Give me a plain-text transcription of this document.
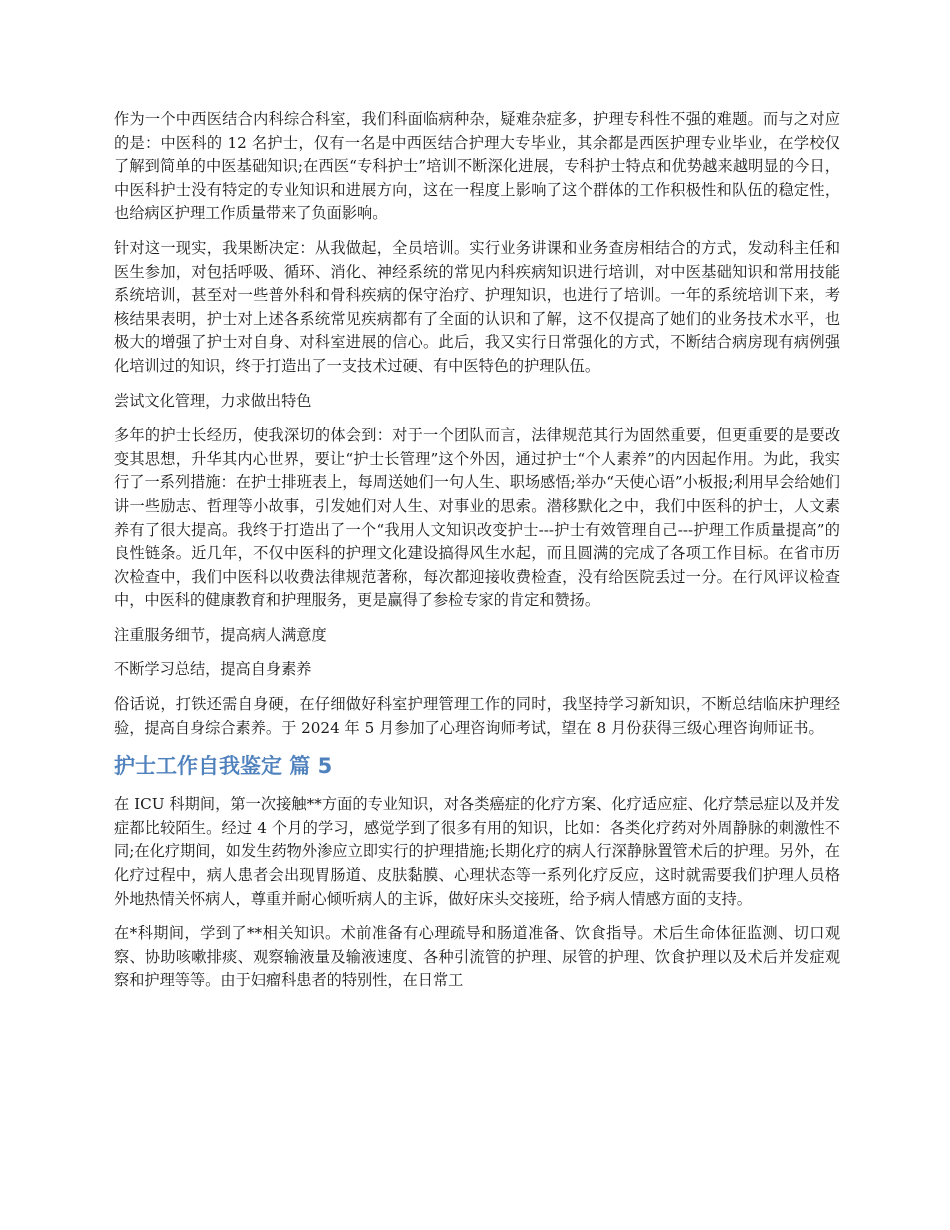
作为一个中西医结合内科综合科室，我们科面临病种杂，疑难杂症多，护理专科性不强的难题。而与之对应的是：中医科的 12 名护士，仅有一名是中西医结合护理大专毕业，其余都是西医护理专业毕业，在学校仅了解到简单的中医基础知识;在西医“专科护士”培训不断深化进展，专科护士特点和优势越来越明显的今日，中医科护士没有特定的专业知识和进展方向，这在一程度上影响了这个群体的工作积极性和队伍的稳定性，也给病区护理工作质量带来了负面影响。

针对这一现实，我果断决定：从我做起，全员培训。实行业务讲课和业务查房相结合的方式，发动科主任和医生参加，对包括呼吸、循环、消化、神经系统的常见内科疾病知识进行培训，对中医基础知识和常用技能系统培训，甚至对一些普外科和骨科疾病的保守治疗、护理知识，也进行了培训。一年的系统培训下来，考核结果表明，护士对上述各系统常见疾病都有了全面的认识和了解，这不仅提高了她们的业务技术水平，也极大的增强了护士对自身、对科室进展的信心。此后，我又实行日常强化的方式，不断结合病房现有病例强化培训过的知识，终于打造出了一支技术过硬、有中医特色的护理队伍。

尝试文化管理，力求做出特色

多年的护士长经历，使我深切的体会到：对于一个团队而言，法律规范其行为固然重要，但更重要的是要改变其思想，升华其内心世界，要让“护士长管理”这个外因，通过护士“个人素养”的内因起作用。为此，我实行了一系列措施：在护士排班表上，每周送她们一句人生、职场感悟;举办“天使心语”小板报;利用早会给她们讲一些励志、哲理等小故事，引发她们对人生、对事业的思索。潜移默化之中，我们中医科的护士，人文素养有了很大提高。我终于打造出了一个“我用人文知识改变护士---护士有效管理自己---护理工作质量提高”的良性链条。近几年，不仅中医科的护理文化建设搞得风生水起，而且圆满的完成了各项工作目标。在省市历次检查中，我们中医科以收费法律规范著称，每次都迎接收费检查，没有给医院丢过一分。在行风评议检查中，中医科的健康教育和护理服务，更是赢得了参检专家的肯定和赞扬。

注重服务细节，提高病人满意度

不断学习总结，提高自身素养

俗话说，打铁还需自身硬，在仔细做好科室护理管理工作的同时，我坚持学习新知识，不断总结临床护理经验，提高自身综合素养。于 2024 年 5 月参加了心理咨询师考试，望在 8 月份获得三级心理咨询师证书。

护士工作自我鉴定 篇 5

在 ICU 科期间，第一次接触**方面的专业知识，对各类癌症的化疗方案、化疗适应症、化疗禁忌症以及并发症都比较陌生。经过 4 个月的学习，感觉学到了很多有用的知识，比如：各类化疗药对外周静脉的刺激性不同;在化疗期间，如发生药物外渗应立即实行的护理措施;长期化疗的病人行深静脉置管术后的护理。另外，在化疗过程中，病人患者会出现胃肠道、皮肤黏膜、心理状态等一系列化疗反应，这时就需要我们护理人员格外地热情关怀病人，尊重并耐心倾听病人的主诉，做好床头交接班，给予病人情感方面的支持。

在*科期间，学到了**相关知识。术前准备有心理疏导和肠道准备、饮食指导。术后生命体征监测、切口观察、协助咳嗽排痰、观察输液量及输液速度、各种引流管的护理、尿管的护理、饮食护理以及术后并发症观察和护理等等。由于妇瘤科患者的特别性，在日常工
